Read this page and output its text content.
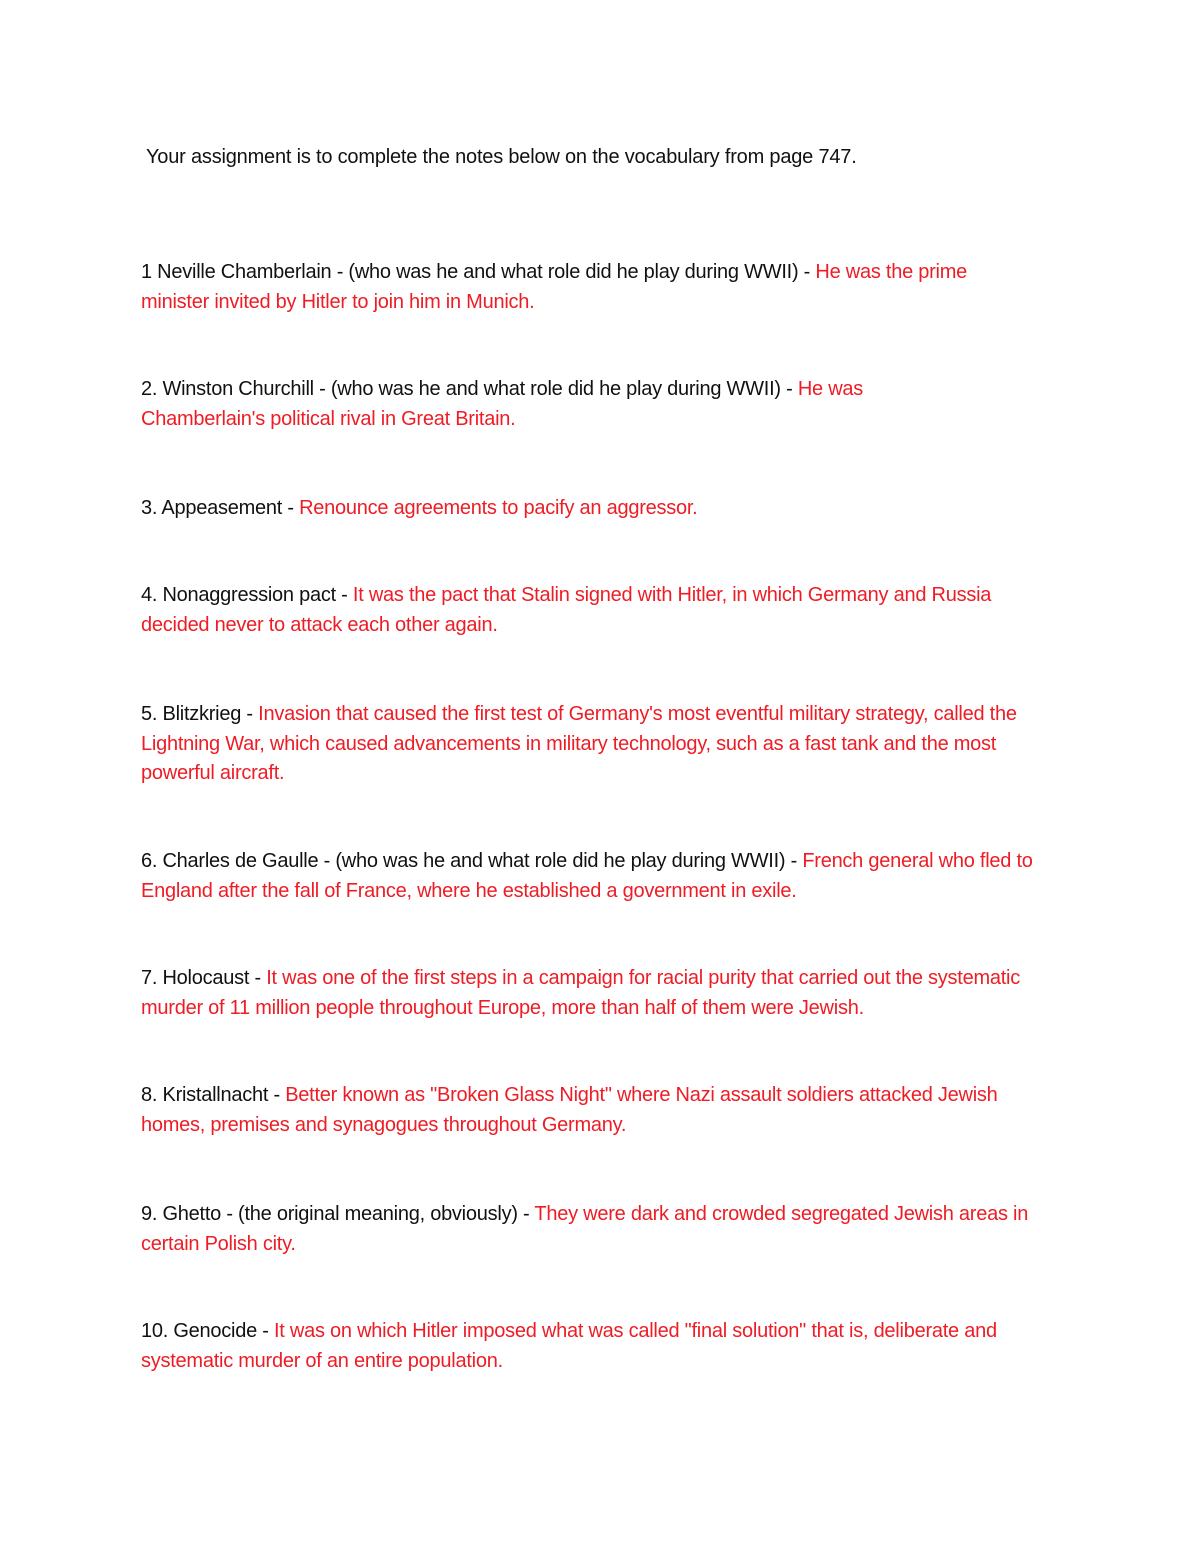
Your assignment is to complete the notes below on the vocabulary from page 747.
1 Neville Chamberlain - (who was he and what role did he play during WWII) - He was the prime minister invited by Hitler to join him in Munich.
2. Winston Churchill - (who was he and what role did he play during WWII) - He was Chamberlain's political rival in Great Britain.
3. Appeasement - Renounce agreements to pacify an aggressor.
4. Nonaggression pact - It was the pact that Stalin signed with Hitler, in which Germany and Russia decided never to attack each other again.
5. Blitzkrieg - Invasion that caused the first test of Germany's most eventful military strategy, called the Lightning War, which caused advancements in military technology, such as a fast tank and the most powerful aircraft.
6. Charles de Gaulle - (who was he and what role did he play during WWII) - French general who fled to England after the fall of France, where he established a government in exile.
7. Holocaust - It was one of the first steps in a campaign for racial purity that carried out the systematic murder of 11 million people throughout Europe, more than half of them were Jewish.
8. Kristallnacht - Better known as "Broken Glass Night" where Nazi assault soldiers attacked Jewish homes, premises and synagogues throughout Germany.
9. Ghetto - (the original meaning, obviously) - They were dark and crowded segregated Jewish areas in certain Polish city.
10. Genocide - It was on which Hitler imposed what was called "final solution" that is, deliberate and systematic murder of an entire population.
